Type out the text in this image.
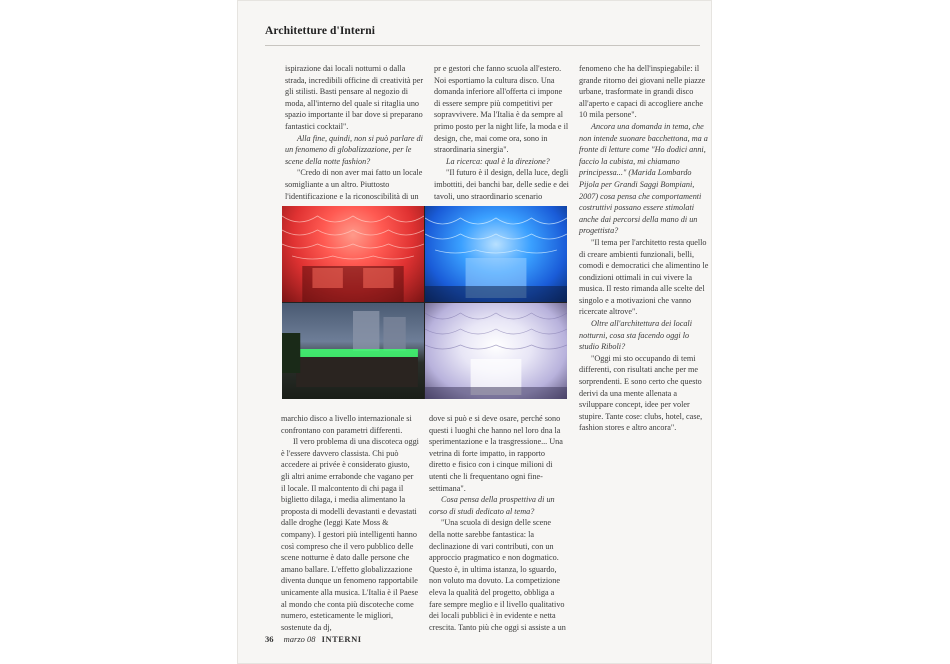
Architetture d'Interni

ispirazione dai locali notturni o dalla strada, incredibili officine di creatività per gli stilisti. Basti pensare al negozio di moda, all'interno del quale si ritaglia uno spazio importante il bar dove si preparano fantastici cocktail".

Alla fine, quindi, non si può parlare di un fenomeno di globalizzazione, per le scene della notte fashion?

"Credo di non aver mai fatto un locale somigliante a un altro. Piuttosto l'identificazione e la riconoscibilità di un

pr e gestori che fanno scuola all'estero. Noi esportiamo la cultura disco. Una domanda inferiore all'offerta ci impone di essere sempre più competitivi per sopravvivere. Ma l'Italia è da sempre al primo posto per la night life, la moda e il design, che, mai come ora, sono in straordinaria sinergia".

La ricerca: qual è la direzione?

"Il futuro è il design, della luce, degli imbottiti, dei banchi bar, delle sedie e dei tavoli, uno straordinario scenario

fenomeno che ha dell'inspiegabile: il grande ritorno dei giovani nelle piazze urbane, trasformate in grandi disco all'aperto e capaci di accogliere anche 10 mila persone".

Ancora una domanda in tema, che non intende suonare bacchettona, ma a fronte di letture come "Ho dodici anni, faccio la cubista, mi chiamano principessa..." (Marida Lombardo Pijola per Grandi Saggi Bompiani, 2007) cosa pensa che comportamenti costruttivi possano essere stimolati anche dai percorsi della mano di un progettista?

"Il tema per l'architetto resta quello di creare ambienti funzionali, belli, comodi e democratici che alimentino le condizioni ottimali in cui vivere la musica. Il resto rimanda alle scelte del singolo e a motivazioni che vanno ricercate altrove".

Oltre all'architettura dei locali notturni, cosa sta facendo oggi lo studio Riboli?

"Oggi mi sto occupando di temi differenti, con risultati anche per me sorprendenti. E sono certo che questo derivi da una mente allenata a sviluppare concept, idee per voler stupire. Tante cose: clubs, hotel, case, fashion stores e altro ancora".

marchio disco a livello internazionale si confrontano con parametri differenti.

Il vero problema di una discoteca oggi è l'essere davvero classista. Chi può accedere ai privée è considerato giusto, gli altri anime errabonde che vagano per il locale. Il malcontento di chi paga il biglietto dilaga, i media alimentano la proposta di modelli devastanti e devastati dalle droghe (leggi Kate Moss & company). I gestori più intelligenti hanno così compreso che il vero pubblico delle scene notturne è dato dalle persone che amano ballare. L'effetto globalizzazione diventa dunque un fenomeno rapportabile unicamente alla musica. L'Italia è il Paese al mondo che conta più discoteche come numero, esteticamente le migliori, sostenute da dj,

dove si può e si deve osare, perché sono questi i luoghi che hanno nel loro dna la sperimentazione e la trasgressione... Una vetrina di forte impatto, in rapporto diretto e fisico con i cinque milioni di utenti che li frequentano ogni fine-settimana".

Cosa pensa della prospettiva di un corso di studi dedicato al tema?

"Una scuola di design delle scene della notte sarebbe fantastica: la declinazione di vari contributi, con un approccio pragmatico e non dogmatico. Questo è, in ultima istanza, lo sguardo, non voluto ma dovuto. La competizione eleva la qualità del progetto, obbliga a fare sempre meglio e il livello qualitativo dei locali pubblici è in evidente e netta crescita. Tanto più che oggi si assiste a un

36 marzo 08 INTERNI
